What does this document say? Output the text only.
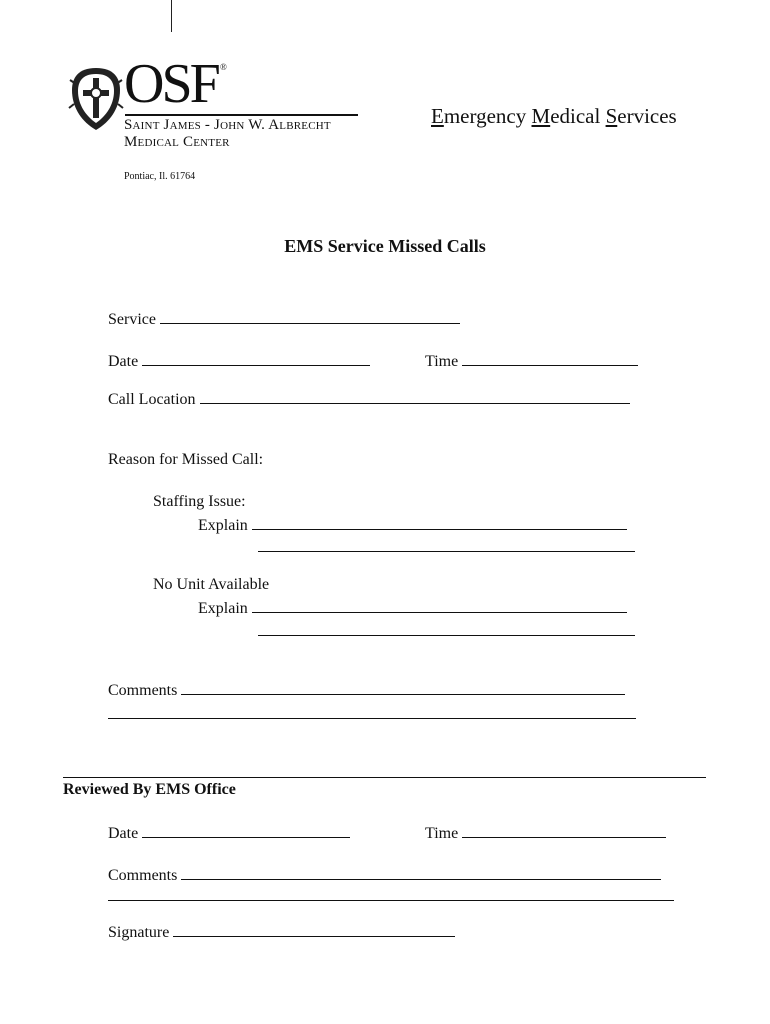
OSF ®
Saint James - John W. Albrecht
Medical Center
Pontiac, Il. 61764
Emergency Medical Services
EMS Service Missed Calls
Service
Date	Time
Call Location
Reason for Missed Call:
Staffing Issue:
Explain
No Unit Available
Explain
Comments
Reviewed By EMS Office
Date	Time
Comments
Signature
